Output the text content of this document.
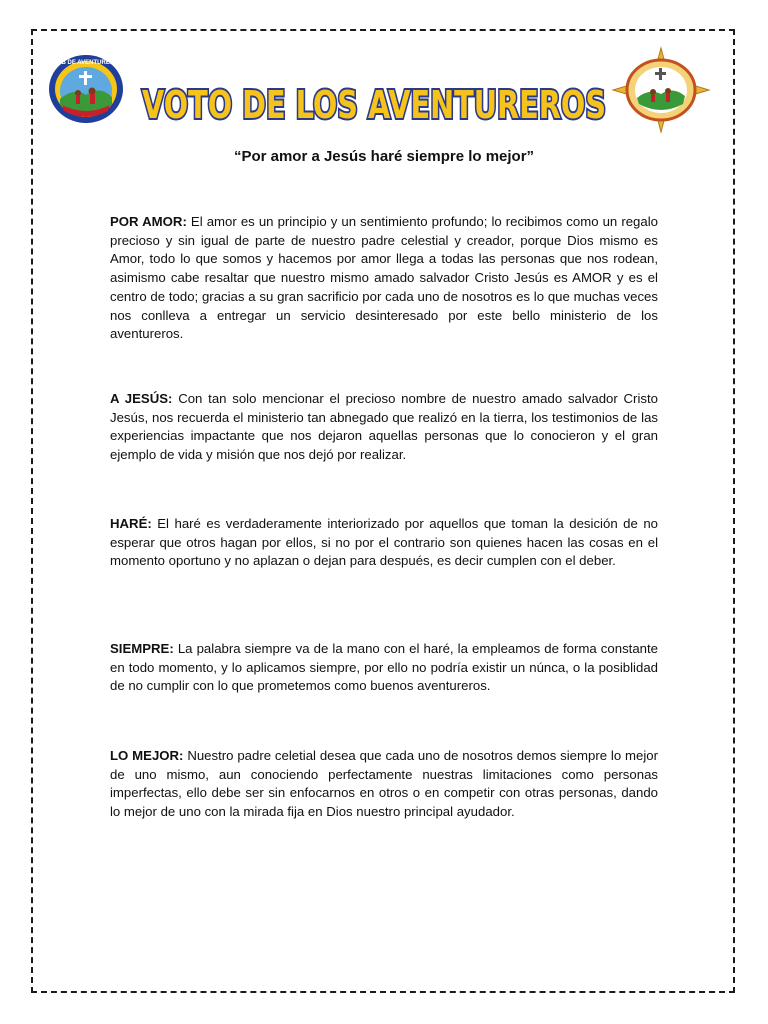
CLUB DE AVENTUREROS
VOTO DE LOS AVENTUREROS
“Por amor a Jesús haré siempre lo mejor”
POR AMOR: El amor es un principio y un sentimiento profundo; lo recibimos como un regalo precioso y sin igual de parte de nuestro padre celestial y creador, porque Dios mismo es Amor, todo lo que somos y hacemos por amor llega a todas las personas que nos rodean, asimismo cabe resaltar que nuestro mismo amado salvador Cristo Jesús es AMOR y es el centro de todo; gracias a su gran sacrificio por cada uno de nosotros es lo que muchas veces nos conlleva a entregar un servicio desinteresado por este bello ministerio de los aventureros.
A JESÚS: Con tan solo mencionar el precioso nombre de nuestro amado salvador Cristo Jesús, nos recuerda el ministerio tan abnegado que realizó en la tierra, los testimonios de las experiencias impactante que nos dejaron aquellas personas que lo conocieron y el gran ejemplo de vida y misión que nos dejó por realizar.
HARÉ: El haré es verdaderamente interiorizado por aquellos que toman la desición de no esperar que otros hagan por ellos, si no por el contrario son quienes hacen las cosas en el momento oportuno y no aplazan o dejan para después, es decir cumplen con el deber.
SIEMPRE: La palabra siempre va de la mano con el haré, la empleamos de forma constante en todo momento, y lo aplicamos siempre, por ello no podría existir un núnca, o la posiblidad de no cumplir con lo que prometemos como buenos aventureros.
LO MEJOR: Nuestro padre celetial desea que cada uno de nosotros demos siempre lo mejor de uno mismo, aun conociendo perfectamente nuestras limitaciones como personas imperfectas, ello debe ser sin enfocarnos en otros o en competir con otras personas, dando lo mejor de uno con la mirada fija en Dios nuestro principal ayudador.
